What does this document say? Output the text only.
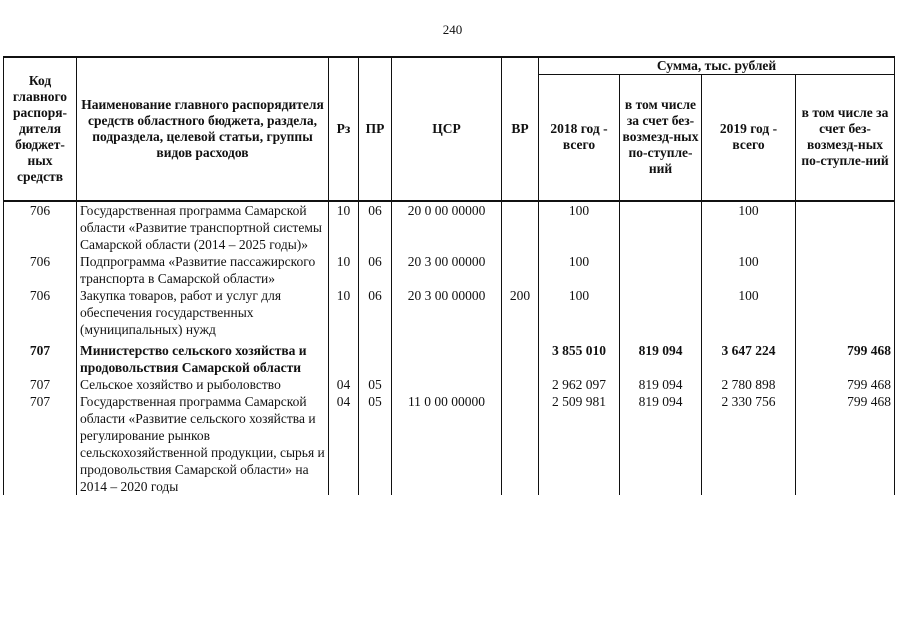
240
Код главного распоря-дителя бюджет-ных средств	Наименование главного распорядителя средств областного бюджета, раздела, подраздела, целевой статьи, группы видов расходов	Рз	ПР	ЦСР	ВР	Сумма, тыс. рублей			
						2018 год - всего	в том числе за счет без-возмезд-ных по-ступле-ний	2019 год - всего	в том числе за счет без-возмезд-ных по-ступле-ний
706	Государственная программа Самарской области «Развитие транспортной системы Самарской области (2014 – 2025 годы)»	10	06	20 0 00 00000		100		100	
706	Подпрограмма «Развитие пассажирского транспорта в Самарской области»	10	06	20 3 00 00000		100		100	
706	Закупка товаров, работ и услуг для обеспечения государственных (муниципальных) нужд	10	06	20 3 00 00000	200	100		100	
707	Министерство сельского хозяйства и продовольствия Самарской области					3 855 010	819 094	3 647 224	799 468
707	Сельское хозяйство и рыболовство	04	05			2 962 097	819 094	2 780 898	799 468
707	Государственная программа Самарской области «Развитие сельского хозяйства и регулирование рынков сельскохозяйственной продукции, сырья и продовольствия Самарской области» на 2014 – 2020 годы	04	05	11 0 00 00000		2 509 981	819 094	2 330 756	799 468
